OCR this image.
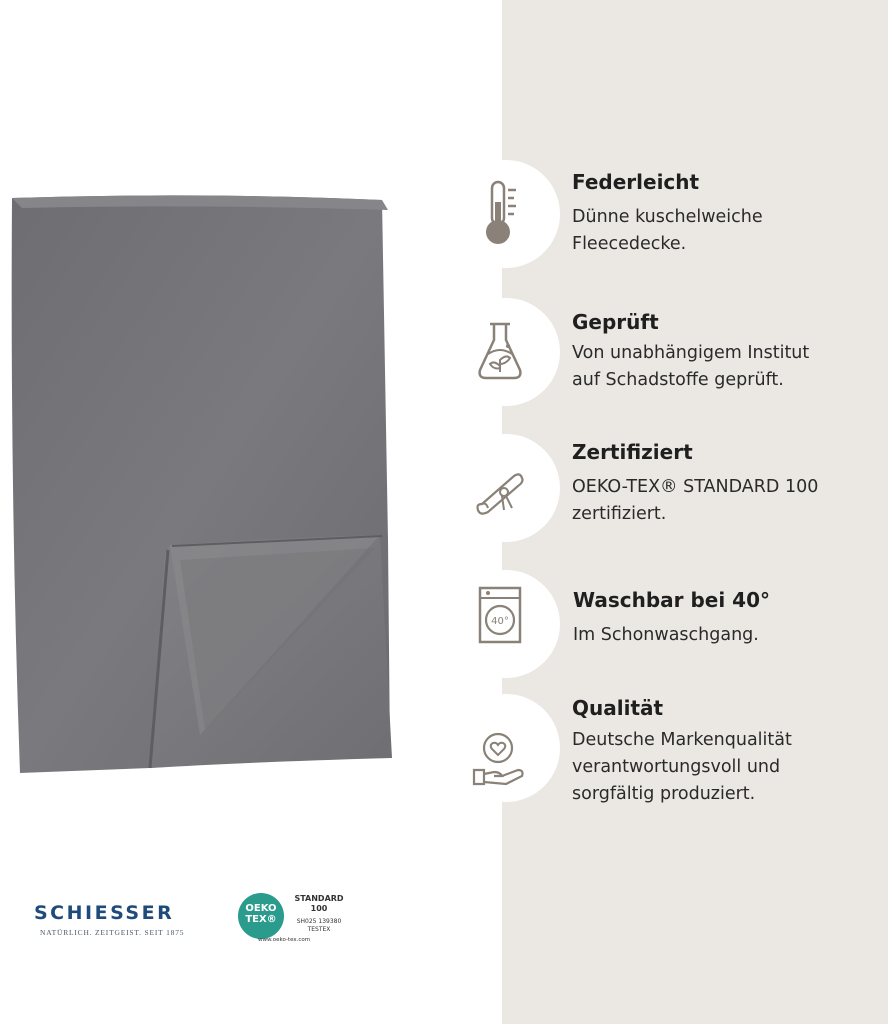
Federleicht
Dünne kuschelweiche
Fleecedecke.
Geprüft
Von unabhängigem Institut
auf Schadstoffe geprüft.
Zertifiziert
OEKO-TEX® STANDARD 100
zertifiziert.
40°
Waschbar bei 40°
Im Schonwaschgang.
Qualität
Deutsche Markenqualität
verantwortungsvoll und
sorgfältig produziert.
SCHIESSER
NATÜRLICH. ZEITGEIST. SEIT 1875
OEKO
TEX®
STANDARD
100
SH025 139380
TESTEX
www.oeko-tex.com
